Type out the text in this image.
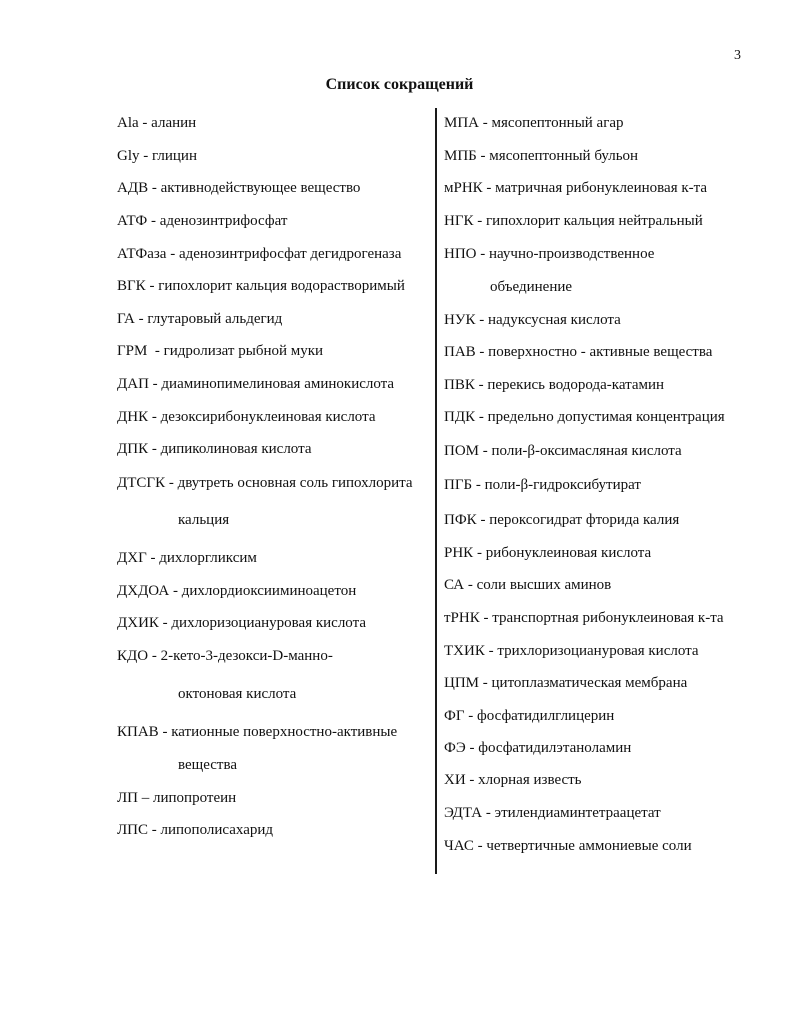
3
Список сокращений
Ala - аланин
Gly - глицин
АДВ - активнодействующее вещество
АТФ - аденозинтрифосфат
АТФаза - аденозинтрифосфат дегидрогеназа
ВГК - гипохлорит кальция водорастворимый
ГА - глутаровый альдегид
ГРМ  - гидролизат рыбной муки
ДАП - диаминопимелиновая аминокислота
ДНК - дезоксирибонуклеиновая кислота
ДПК - дипиколиновая кислота
ДТСГК - двутреть основная соль гипохлорита
кальция
ДХГ - дихлоргликсим
ДХДОА - дихлордиоксииминоацетон
ДХИК - дихлоризоциануровая кислота
КДО - 2-кето-3-дезокси-D-манно-
октоновая кислота
КПАВ - катионные поверхностно-активные
вещества
ЛП – липопротеин
ЛПС - липополисахарид
МПА - мясопептонный агар
МПБ - мясопептонный бульон
мРНК - матричная рибонуклеиновая к-та
НГК - гипохлорит кальция нейтральный
НПО - научно-производственное
объединение
НУК - надуксусная кислота
ПАВ - поверхностно - активные вещества
ПВК - перекись водорода-катамин
ПДК - предельно допустимая концентрация
ПОМ - поли-β-оксимасляная кислота
ПГБ - поли-β-гидроксибутират
ПФК - пероксогидрат фторида калия
РНК - рибонуклеиновая кислота
СА - соли высших аминов
тРНК - транспортная рибонуклеиновая к-та
ТХИК - трихлоризоциануровая кислота
ЦПМ - цитоплазматическая мембрана
ФГ - фосфатидилглицерин
ФЭ - фосфатидилэтаноламин
ХИ - хлорная известь
ЭДТА - этилендиаминтетраацетат
ЧАС - четвертичные аммониевые соли
